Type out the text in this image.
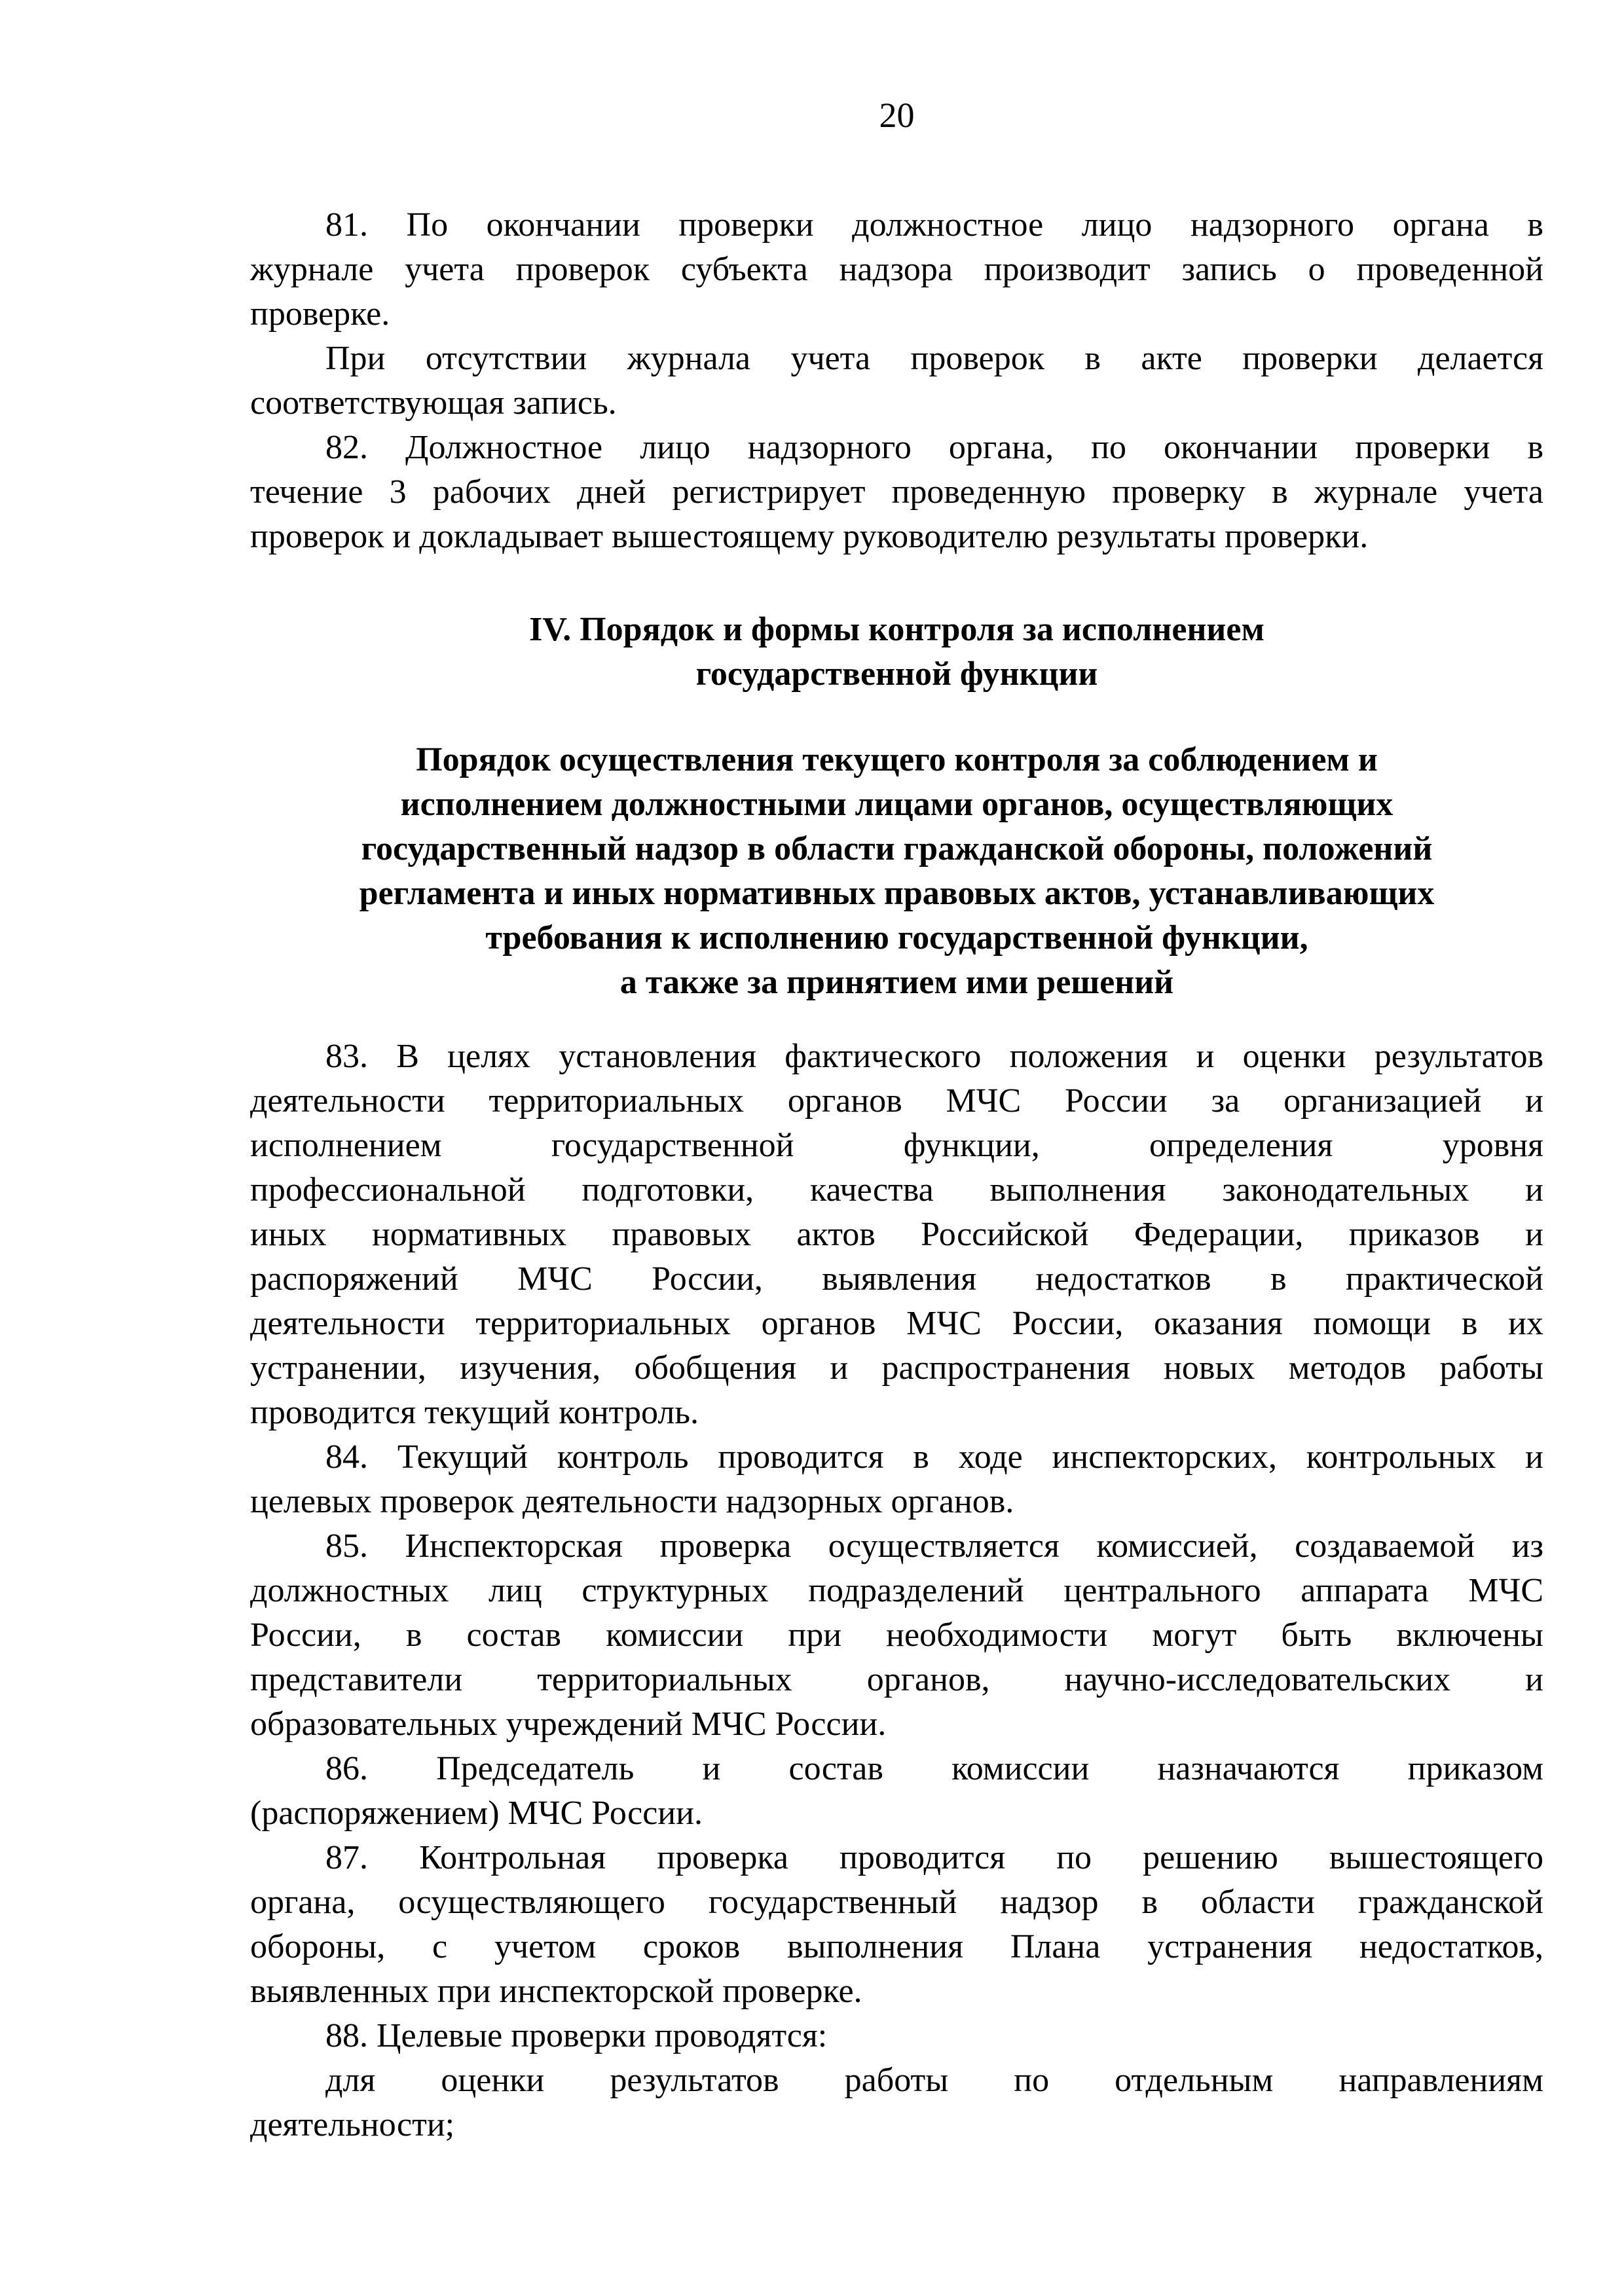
20
81. По окончании проверки должностное лицо надзорного органа в
журнале учета проверок субъекта надзора производит запись о проведенной
проверке.
При отсутствии журнала учета проверок в акте проверки делается
соответствующая запись.
82. Должностное лицо надзорного органа, по окончании проверки в
течение 3 рабочих дней регистрирует проведенную проверку в журнале учета
проверок и докладывает вышестоящему руководителю результаты проверки.
IV. Порядок и формы контроля за исполнением
государственной функции
Порядок осуществления текущего контроля за соблюдением и
исполнением должностными лицами органов, осуществляющих
государственный надзор в области гражданской обороны, положений
регламента и иных нормативных правовых актов, устанавливающих
требования к исполнению государственной функции,
а также за принятием ими решений
83. В целях установления фактического положения и оценки результатов
деятельности территориальных органов МЧС России за организацией и
исполнением государственной функции, определения уровня
профессиональной подготовки, качества выполнения законодательных и
иных нормативных правовых актов Российской Федерации, приказов и
распоряжений МЧС России, выявления недостатков в практической
деятельности территориальных органов МЧС России, оказания помощи в их
устранении, изучения, обобщения и распространения новых методов работы
проводится текущий контроль.
84. Текущий контроль проводится в ходе инспекторских, контрольных и
целевых проверок деятельности надзорных органов.
85. Инспекторская проверка осуществляется комиссией, создаваемой из
должностных лиц структурных подразделений центрального аппарата МЧС
России, в состав комиссии при необходимости могут быть включены
представители территориальных органов, научно-исследовательских и
образовательных учреждений МЧС России.
86. Председатель и состав комиссии назначаются приказом
(распоряжением) МЧС России.
87. Контрольная проверка проводится по решению вышестоящего
органа, осуществляющего государственный надзор в области гражданской
обороны, с учетом сроков выполнения Плана устранения недостатков,
выявленных при инспекторской проверке.
88. Целевые проверки проводятся:
для оценки результатов работы по отдельным направлениям
деятельности;
